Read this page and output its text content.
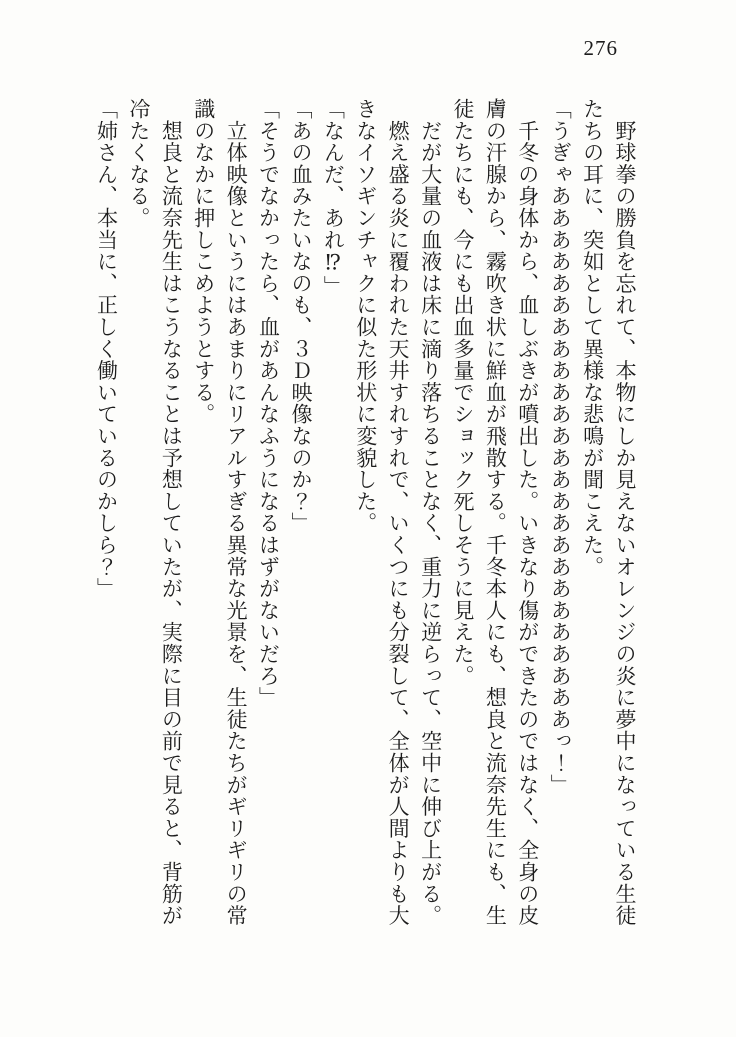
276

　野球拳の勝負を忘れて、本物にしか見えないオレンジの炎に夢中になっている生徒

たちの耳に、突如として異様な悲鳴が聞こえた。

「うぎゃあああああああああああああああああああああああああっ！」

　千冬の身体から、血しぶきが噴出した。いきなり傷ができたのではなく、全身の皮

膚の汗腺から、霧吹き状に鮮血が飛散する。千冬本人にも、想良と流奈先生にも、生

徒たちにも、今にも出血多量でショック死しそうに見えた。

　だが大量の血液は床に滴り落ちることなく、重力に逆らって、空中に伸び上がる。

　燃え盛る炎に覆われた天井すれすれで、いくつにも分裂して、全体が人間よりも大

きなイソギンチャクに似た形状に変貌した。

「なんだ、あれ⁉」

「あの血みたいなのも、３Ｄ映像なのか？」

「そうでなかったら、血があんなふうになるはずがないだろ」

　立体映像というにはあまりにリアルすぎる異常な光景を、生徒たちがギリギリの常

識のなかに押しこめようとする。

　想良と流奈先生はこうなることは予想していたが、実際に目の前で見ると、背筋が

冷たくなる。

「姉さん、本当に、正しく働いているのかしら？」
